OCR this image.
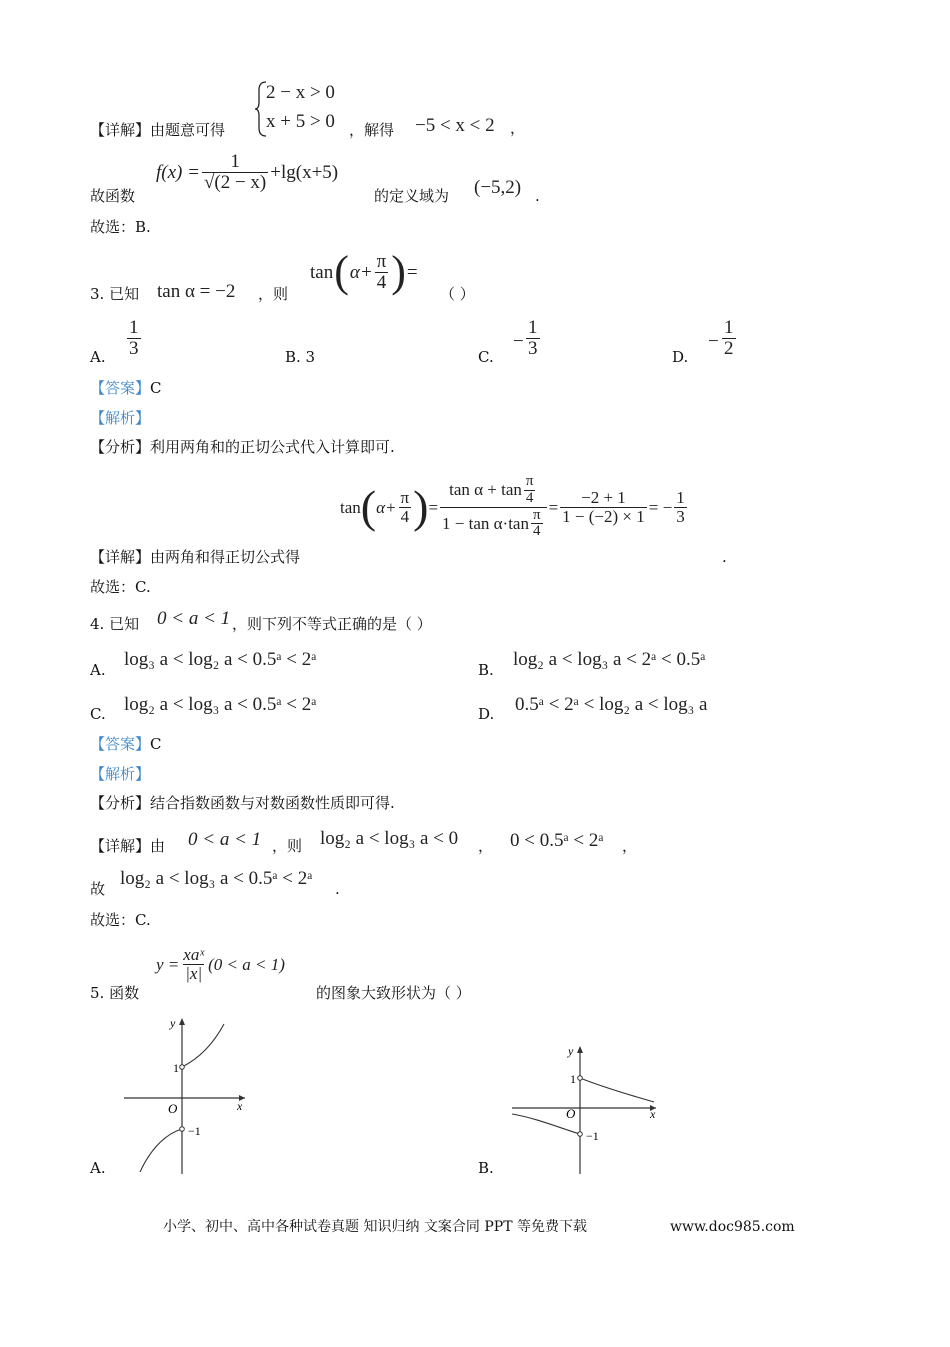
【详解】由题意可得
2 − x > 0
x + 5 > 0 ，解得 −5 < x < 2 ，
故函数
$f(x) = \frac{1}{√(2 - x)} +\lg(x+5)$
的定义域为 (−5,2) .
故选：B.
3. 已知 tan α = −2 ，则
tan ( $\alpha+ \frac{\pi}{4}$ ) =
（ ）
A. $\frac{1}{3}$	B. 3	C.
− $\frac{1}{3}$	D.
− $\frac{1}{2}$
【答案】C
【解析】
【分析】利用两角和的正切公式代入计算即可.
tan ( $\alpha+ \frac{\pi}{4}$ ) = $\frac{\tan \alpha + \tan \frac{\pi}{4}}{1 - \tan \alpha\cdot\tan \frac{\pi}{4}} = \frac{-2 + 1}{1 - (-2) \times 1}$ = − $\frac{1}{3}$
【详解】由两角和得正切公式得	.
故选：C.
4. 已知 0 < a < 1 ，则下列不等式正确的是（ ）
A. log₃ a < log₂ a < 0.5ᵃ < 2ᵃ	B. log₂ a < log₃ a < 2ᵃ < 0.5ᵃ
C. log₂ a < log₃ a < 0.5ᵃ < 2ᵃ	D. 0.5ᵃ < 2ᵃ < log₂ a < log₃ a
【答案】C
【解析】
【分析】结合指数函数与对数函数性质即可得.
【详解】由 0 < a < 1 ，则 log₂ a < log₃ a < 0 ， 0 < 0.5ᵃ < 2ᵃ ，
故 log₂ a < log₃ a < 0.5ᵃ < 2ᵃ .
故选：C.
5. 函数
$y = \frac{\text{xaˣ}}{|x|} (0 < a < 1)$
的图象大致形状为（ ）
A.
y
x
O
1
−1
B.
y
x
O
1
−1
小学、初中、高中各种试卷真题 知识归纳 文案合同 PPT 等免费下载	www.doc985.com
